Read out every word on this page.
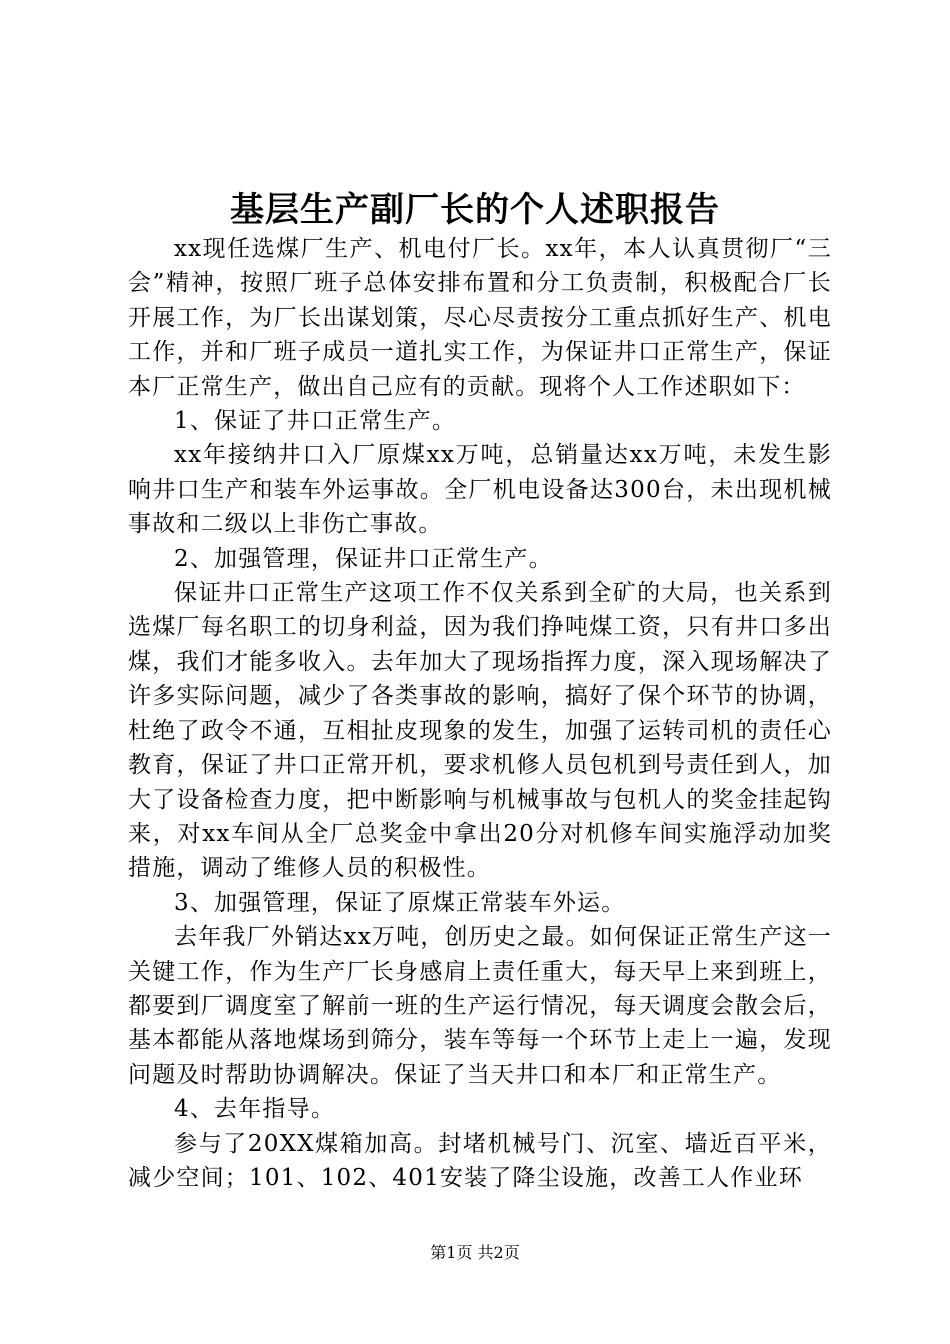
基层生产副厂长的个人述职报告

xx现任选煤厂生产、机电付厂长。xx年，本人认真贯彻厂“三会”精神，按照厂班子总体安排布置和分工负责制，积极配合厂长开展工作，为厂长出谋划策，尽心尽责按分工重点抓好生产、机电工作，并和厂班子成员一道扎实工作，为保证井口正常生产，保证本厂正常生产，做出自己应有的贡献。现将个人工作述职如下：

1、保证了井口正常生产。

xx年接纳井口入厂原煤xx万吨，总销量达xx万吨，未发生影响井口生产和装车外运事故。全厂机电设备达300台，未出现机械事故和二级以上非伤亡事故。

2、加强管理，保证井口正常生产。

保证井口正常生产这项工作不仅关系到全矿的大局，也关系到选煤厂每名职工的切身利益，因为我们挣吨煤工资，只有井口多出煤，我们才能多收入。去年加大了现场指挥力度，深入现场解决了许多实际问题，减少了各类事故的影响，搞好了保个环节的协调，杜绝了政令不通，互相扯皮现象的发生，加强了运转司机的责任心教育，保证了井口正常开机，要求机修人员包机到号责任到人，加大了设备检查力度，把中断影响与机械事故与包机人的奖金挂起钩来，对xx车间从全厂总奖金中拿出20分对机修车间实施浮动加奖措施，调动了维修人员的积极性。

3、加强管理，保证了原煤正常装车外运。

去年我厂外销达xx万吨，创历史之最。如何保证正常生产这一关键工作，作为生产厂长身感肩上责任重大，每天早上来到班上，都要到厂调度室了解前一班的生产运行情况，每天调度会散会后，基本都能从落地煤场到筛分，装车等每一个环节上走上一遍，发现问题及时帮助协调解决。保证了当天井口和本厂和正常生产。

4、去年指导。

参与了20XX煤箱加高。封堵机械号门、沉室、墙近百平米，减少空间；101、102、401安装了降尘设施，改善工人作业环

第1页 共2页
